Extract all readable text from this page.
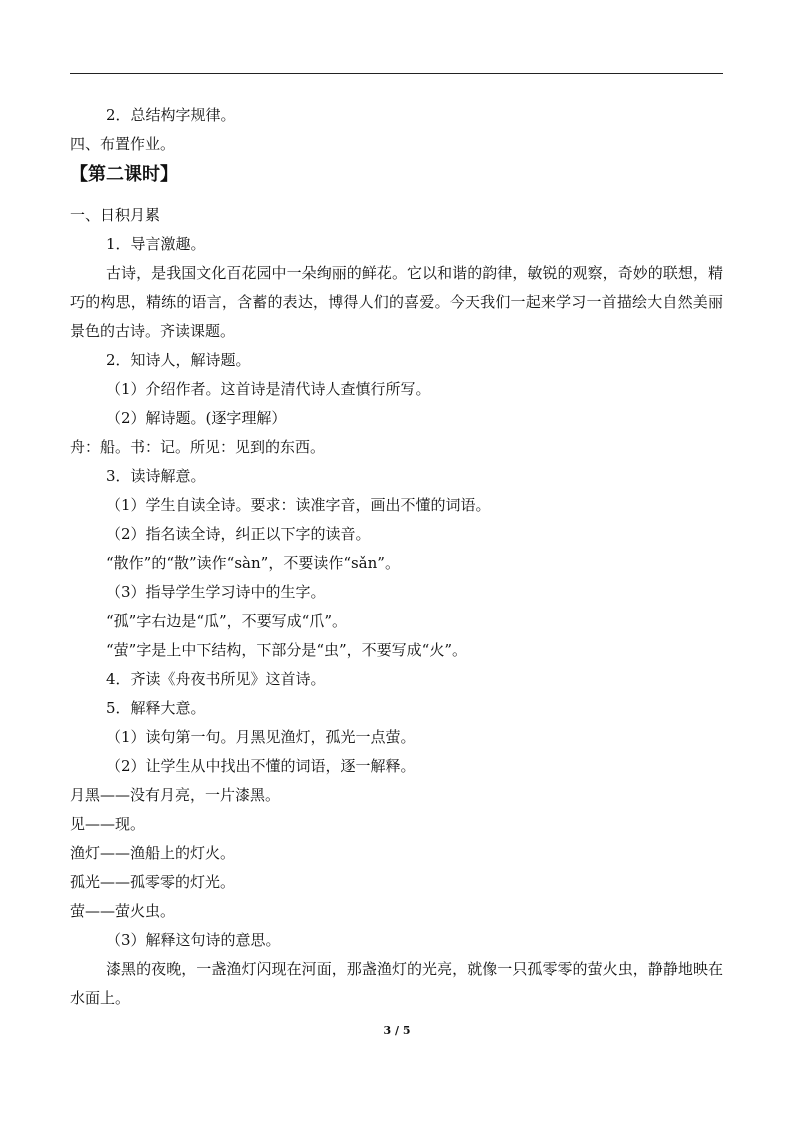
2．总结构字规律。

四、布置作业。

【第二课时】

一、日积月累

1．导言激趣。

古诗，是我国文化百花园中一朵绚丽的鲜花。它以和谐的韵律，敏锐的观察，奇妙的联想，精巧的构思，精练的语言，含蓄的表达，博得人们的喜爱。今天我们一起来学习一首描绘大自然美丽景色的古诗。齐读课题。

2．知诗人，解诗题。

（1）介绍作者。这首诗是清代诗人查慎行所写。

（2）解诗题。(逐字理解）

舟：船。书：记。所见：见到的东西。

3．读诗解意。

（1）学生自读全诗。要求：读准字音，画出不懂的词语。

（2）指名读全诗，纠正以下字的读音。

“散作”的“散”读作“sàn”，不要读作“sǎn”。

（3）指导学生学习诗中的生字。

“孤”字右边是“瓜”，不要写成“爪”。

“萤”字是上中下结构，下部分是“虫”，不要写成“火”。

4．齐读《舟夜书所见》这首诗。

5．解释大意。

（1）读句第一句。月黑见渔灯，孤光一点萤。

（2）让学生从中找出不懂的词语，逐一解释。

月黑——没有月亮，一片漆黑。

见——现。

渔灯——渔船上的灯火。

孤光——孤零零的灯光。

萤——萤火虫。

（3）解释这句诗的意思。

漆黑的夜晚，一盏渔灯闪现在河面，那盏渔灯的光亮，就像一只孤零零的萤火虫，静静地映在水面上。

3 / 5
